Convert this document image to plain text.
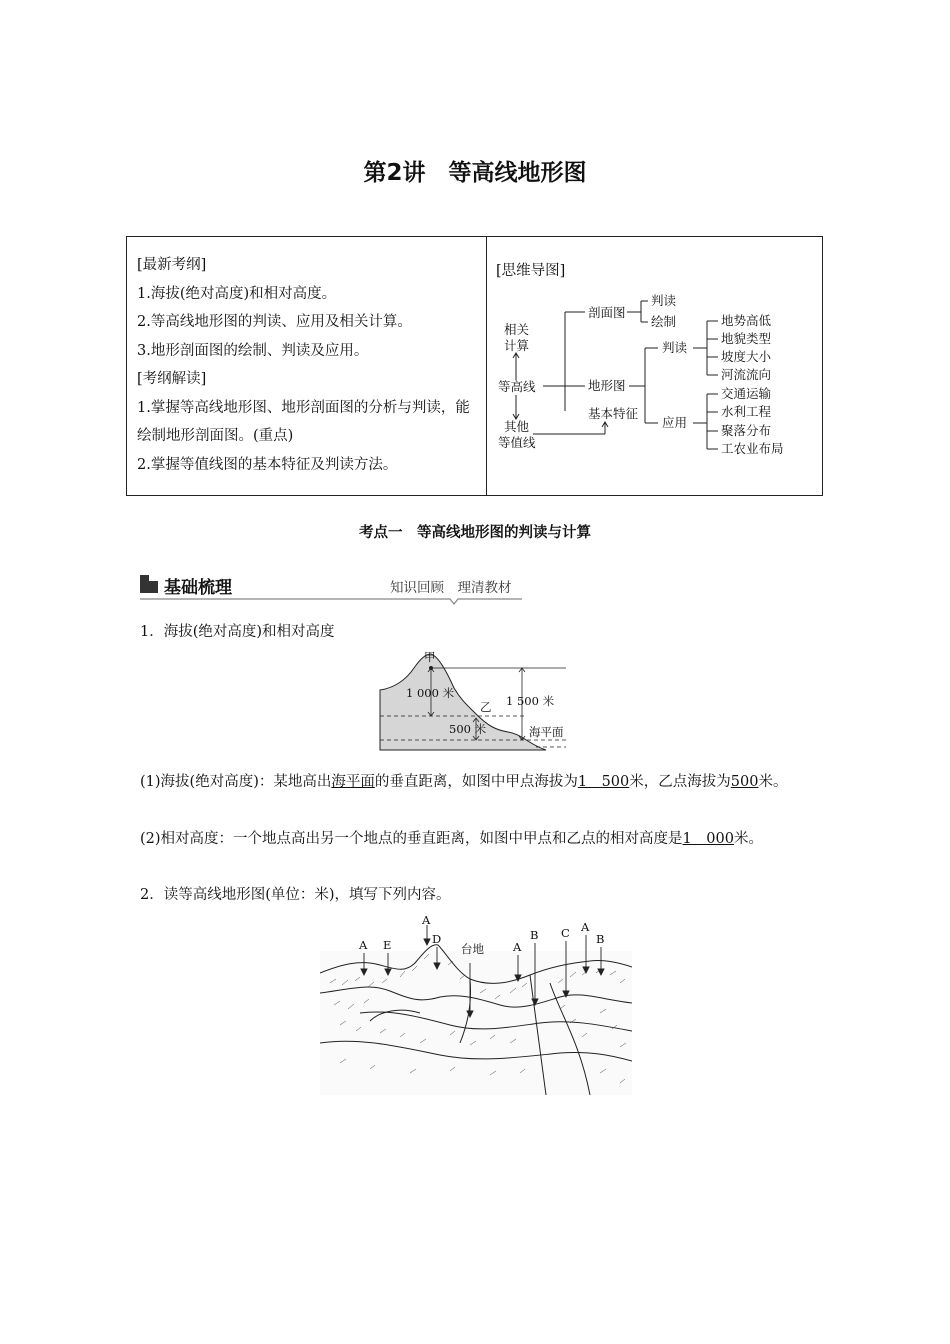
第2讲　等高线地形图
[最新考纲]
1.海拔(绝对高度)和相对高度。
2.等高线地形图的判读、应用及相关计算。
3.地形剖面图的绘制、判读及应用。
[考纲解读]
1.掌握等高线地形图、地形剖面图的分析与判读，能绘制地形剖面图。(重点)
2.掌握等值线图的基本特征及判读方法。
[思维导图]
相关
计算
等高线
其他
等值线
剖面图
判读
绘制
地形图
基本特征
判读
地势高低
地貌类型
坡度大小
河流流向
应用
交通运输
水利工程
聚落分布
工农业布局
考点一　等高线地形图的判读与计算
基础梳理	知识回顾　理清教材
1．海拔(绝对高度)和相对高度
甲
乙
1 000 米
1 500 米
500 米	海平面
(1)海拔(绝对高度)：某地高出海平面的垂直距离，如图中甲点海拔为1　500米，乙点海拔为500米。
(2)相对高度：一个地点高出另一个地点的垂直距离，如图中甲点和乙点的相对高度是1　000米。
2．读等高线地形图(单位：米)，填写下列内容。
A E
A
D
台地	A
B C A
B
